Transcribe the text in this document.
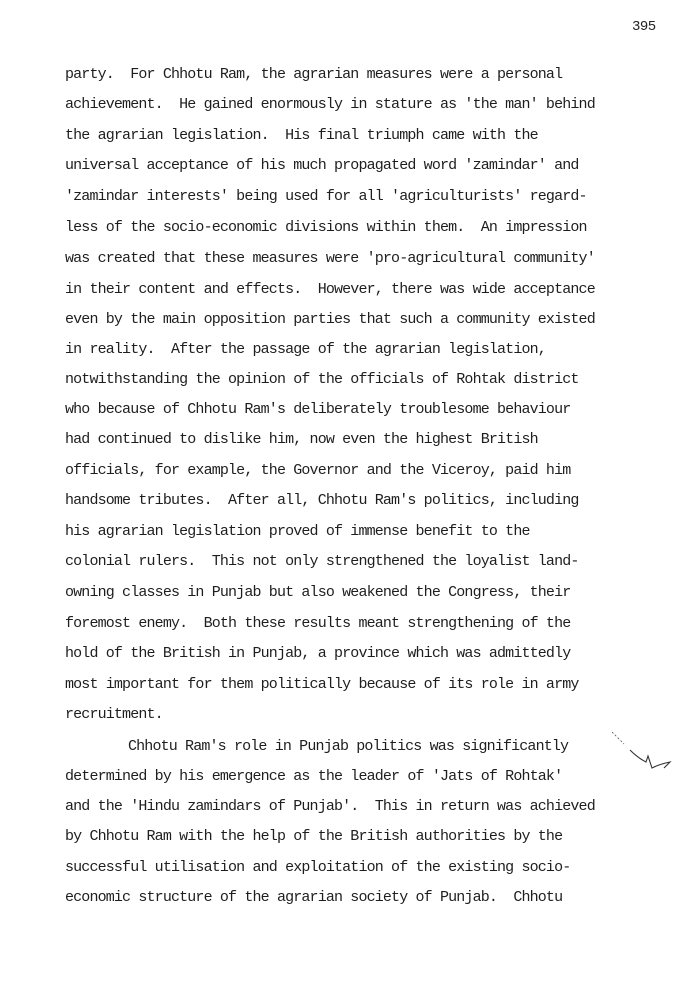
395
party.  For Chhotu Ram, the agrarian measures were a personal
achievement.  He gained enormously in stature as 'the man' behind
the agrarian legislation.  His final triumph came with the
universal acceptance of his much propagated word 'zamindar' and
'zamindar interests' being used for all 'agriculturists' regard-
less of the socio-economic divisions within them.  An impression
was created that these measures were 'pro-agricultural community'
in their content and effects.  However, there was wide acceptance
even by the main opposition parties that such a community existed
in reality.  After the passage of the agrarian legislation,
notwithstanding the opinion of the officials of Rohtak district
who because of Chhotu Ram's deliberately troublesome behaviour
had continued to dislike him, now even the highest British
officials, for example, the Governor and the Viceroy, paid him
handsome tributes.  After all, Chhotu Ram's politics, including
his agrarian legislation proved of immense benefit to the
colonial rulers.  This not only strengthened the loyalist land-
owning classes in Punjab but also weakened the Congress, their
foremost enemy.  Both these results meant strengthening of the
hold of the British in Punjab, a province which was admittedly
most important for them politically because of its role in army
recruitment.
Chhotu Ram's role in Punjab politics was significantly
determined by his emergence as the leader of 'Jats of Rohtak'
and the 'Hindu zamindars of Punjab'.  This in return was achieved
by Chhotu Ram with the help of the British authorities by the
successful utilisation and exploitation of the existing socio-
economic structure of the agrarian society of Punjab.  Chhotu
